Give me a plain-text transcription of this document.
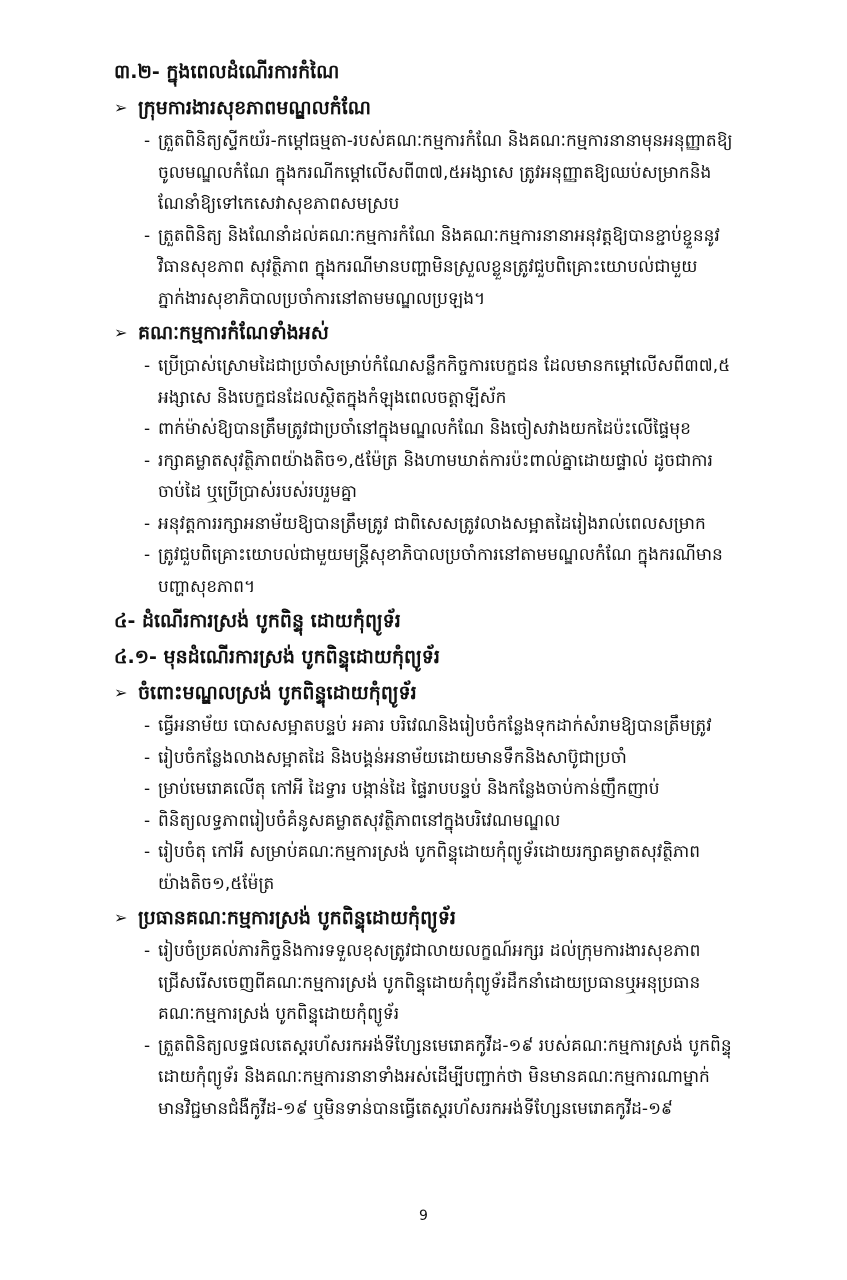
៣.២- ក្នុងពេលដំណើរការកំណៃ
➢ ក្រុមការងារសុខភាពមណ្ឌលកំណែ
- ត្រួតពិនិត្យស្ទីកយ័រ-កម្ដៅធម្មតា-របស់គណៈកម្មការកំណែ និងគណៈកម្មការនានាមុនអនុញ្ញាតឱ្យ
ចូលមណ្ឌលកំណែ ក្នុងករណីកម្ដៅលើសពី៣៧,៥អង្សាសេ ត្រូវអនុញ្ញាតឱ្យឈប់សម្រាកនិង
ណែនាំឱ្យទៅកេសេវាសុខភាពសមស្រប
- ត្រួតពិនិត្យ និងណែនាំដល់គណៈកម្មការកំណែ និងគណៈកម្មការនានាអនុវត្តឱ្យបានខ្ជាប់ខ្ជួននូវ
វិធានសុខភាព សុវត្ថិភាព ក្នុងករណីមានបញ្ហាមិនស្រួលខ្លួនត្រូវជួបពិគ្រោះយោបល់ជាមួយ
ភ្នាក់ងារសុខាភិបាលប្រចាំការនៅតាមមណ្ឌលប្រឡង។
➢ គណៈកម្មការកំណែទាំងអស់
- ប្រើប្រាស់ស្រោមដៃជាប្រចាំសម្រាប់កំណែសន្លឹកកិច្ចការបេក្ខជន ដែលមានកម្ដៅលើសពី៣៧,៥
អង្សាសេ និងបេក្ខជនដែលស្ថិតក្នុងកំឡុងពេលចត្តាឡីស័ក
- ពាក់ម៉ាស់ឱ្យបានត្រឹមត្រូវជាប្រចាំនៅក្នុងមណ្ឌលកំណែ និងចៀសវាងយកដៃប៉ះលើផ្ទៃមុខ
- រក្សាគម្លាតសុវត្ថិភាពយ៉ាងតិច១,៥ម៉ែត្រ និងហាមឃាត់ការប៉ះពាល់គ្នាដោយផ្ទាល់ ដូចជាការ
ចាប់ដៃ ឬប្រើប្រាស់របស់របរួមគ្នា
- អនុវត្តការរក្សាអនាម័យឱ្យបានត្រឹមត្រូវ ជាពិសេសត្រូវលាងសម្អាតដៃរៀងរាល់ពេលសម្រាក
- ត្រូវជួបពិគ្រោះយោបល់ជាមួយមន្ត្រីសុខាភិបាលប្រចាំការនៅតាមមណ្ឌលកំណែ ក្នុងករណីមាន
បញ្ហាសុខភាព។
៤- ដំណើរការស្រង់ បូកពិន្ទុ ដោយកុំព្យូទ័រ
៤.១- មុនដំណើរការស្រង់ បូកពិន្ទុដោយកុំព្យូទ័រ
➢ ចំពោះមណ្ឌលស្រង់ បូកពិន្ទុដោយកុំព្យូទ័រ
- ធ្វើអនាម័យ បោសសម្អាតបន្ទប់ អគារ បរិវេណនិងរៀបចំកន្លែងទុកដាក់សំរាមឱ្យបានត្រឹមត្រូវ
- រៀបចំកន្លែងលាងសម្អាតដៃ និងបង្គន់អនាម័យដោយមានទឹកនិងសាប៊ូជាប្រចាំ
- ម្រាប់មេរោគលើតុ កៅអី ដៃទ្វារ បង្កាន់ដៃ ផ្ទៃរាបបន្ទប់ និងកន្លែងចាប់កាន់ញឹកញាប់
- ពិនិត្យលទ្ធភាពរៀបចំគំនូសគម្លាតសុវត្ថិភាពនៅក្នុងបរិវេណមណ្ឌល
- រៀបចំតុ កៅអី សម្រាប់គណៈកម្មការស្រង់ បូកពិន្ទុដោយកុំព្យូទ័រដោយរក្សាគម្លាតសុវត្ថិភាព
យ៉ាងតិច១,៥ម៉ែត្រ
➢ ប្រធានគណៈកម្មការស្រង់ បូកពិន្ទុដោយកុំព្យូទ័រ
- រៀបចំប្រគល់ភារកិច្ចនិងការទទួលខុសត្រូវជាលាយលក្ខណ៍អក្សរ ដល់ក្រុមការងារសុខភាព
ជ្រើសរើសចេញពីគណៈកម្មការស្រង់ បូកពិន្ទុដោយកុំព្យូទ័រដឹកនាំដោយប្រធានឬអនុប្រធាន
គណៈកម្មការស្រង់ បូកពិន្ទុដោយកុំព្យូទ័រ
- ត្រួតពិនិត្យលទ្ធផលតេស្តរហ័សរកអង់ទីហ្សែនមេរោគកូវីដ-១៩ របស់គណៈកម្មការស្រង់ បូកពិន្ទុ
ដោយកុំព្យូទ័រ និងគណៈកម្មការនានាទាំងអស់ដើម្បីបញ្ជាក់ថា មិនមានគណៈកម្មការណាម្នាក់
មានវិជ្ជមានជំងឺកូវីដ-១៩ ឬមិនទាន់បានធ្វើតេស្តរហ័សរកអង់ទីហ្សែនមេរោគកូវីដ-១៩
9
